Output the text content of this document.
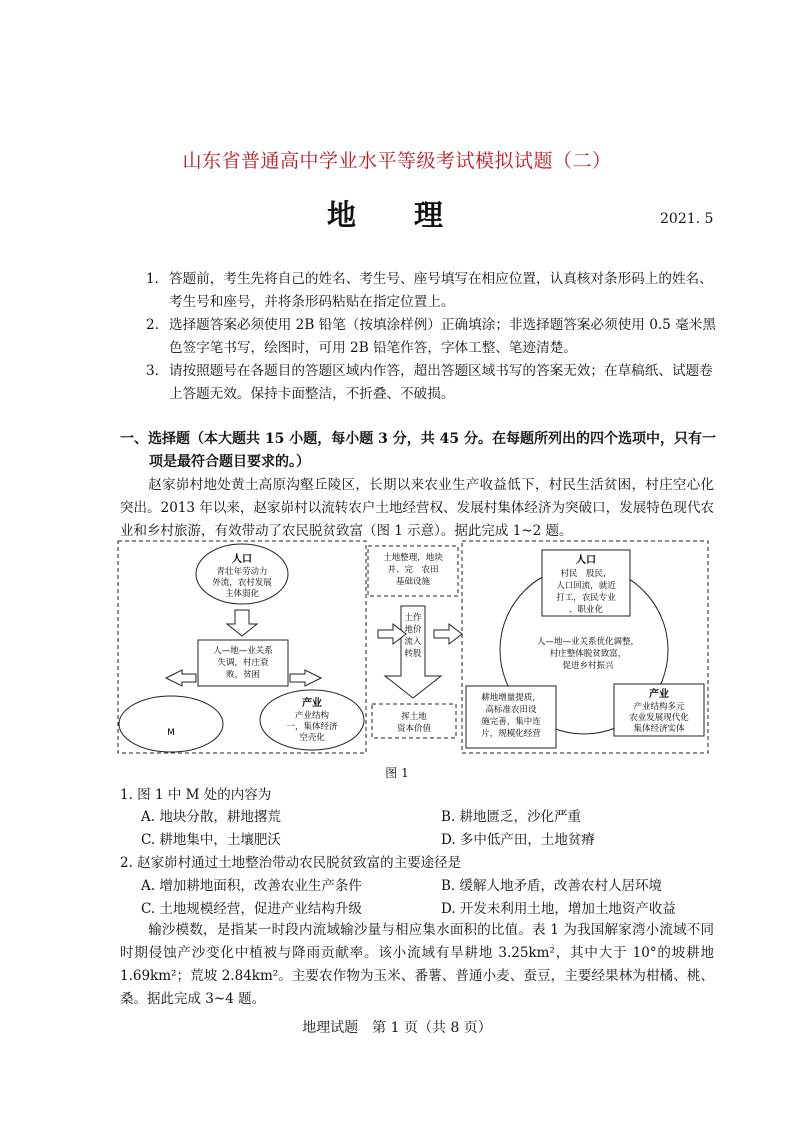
山东省普通高中学业水平等级考试模拟试题（二）
地 理	2021. 5
1. 答题前，考生先将自己的姓名、考生号、座号填写在相应位置，认真核对条形码上的姓名、考生号和座号，并将条形码粘贴在指定位置上。
2. 选择题答案必须使用 2B 铅笔（按填涂样例）正确填涂；非选择题答案必须使用 0.5 毫米黑色签字笔书写，绘图时，可用 2B 铅笔作答，字体工整、笔迹清楚。
3. 请按照题号在各题目的答题区域内作答，超出答题区域书写的答案无效；在草稿纸、试题卷上答题无效。保持卡面整洁，不折叠、不破损。
一、选择题（本大题共 15 小题，每小题 3 分，共 45 分。在每题所列出的四个选项中，只有一
项是最符合题目要求的。）
赵家峁村地处黄土高原沟壑丘陵区，长期以来农业生产收益低下，村民生活贫困，村庄空心化突出。2013 年以来，赵家峁村以流转农户土地经营权、发展村集体经济为突破口，发展特色现代农业和乡村旅游，有效带动了农民脱贫致富（图 1 示意）。据此完成 1~2 题。
人口
青壮年劳动力
外流，农村发展
主体弱化
人—地—业关系
失调，村庄衰
败，贫困
M
产业
产业结构
一，集体经济
空壳化
土地整理，地块
并、完　农田
基础设施
土作
地价
流入
转股
挥土地
资本价值
人口
村民　股民，
人口回流，就近
打工，农民专业
、职业化
人—地—业关系优化调整，
村庄整体脱贫致富，
促进乡村振兴
耕地增量提质，
高标准农田设
施完善，集中连
片，规模化经营
产业
产业结构多元
农业发展现代化
集体经济实体
图 1
1. 图 1 中 M 处的内容为
A. 地块分散，耕地撂荒	B. 耕地匮乏，沙化严重
C. 耕地集中，土壤肥沃	D. 多中低产田，土地贫瘠
2. 赵家峁村通过土地整治带动农民脱贫致富的主要途径是
A. 增加耕地面积，改善农业生产条件	B. 缓解人地矛盾，改善农村人居环境
C. 土地规模经营，促进产业结构升级	D. 开发未利用土地，增加土地资产收益
输沙模数，是指某一时段内流域输沙量与相应集水面积的比值。表 1 为我国解家湾小流域不同时期侵蚀产沙变化中植被与降雨贡献率。该小流域有旱耕地 3.25km²，其中大于 10°的坡耕地 1.69km²；荒坡 2.84km²。主要农作物为玉米、番薯、普通小麦、蚕豆，主要经果林为柑橘、桃、桑。据此完成 3~4 题。
地理试题　第 1 页（共 8 页）
